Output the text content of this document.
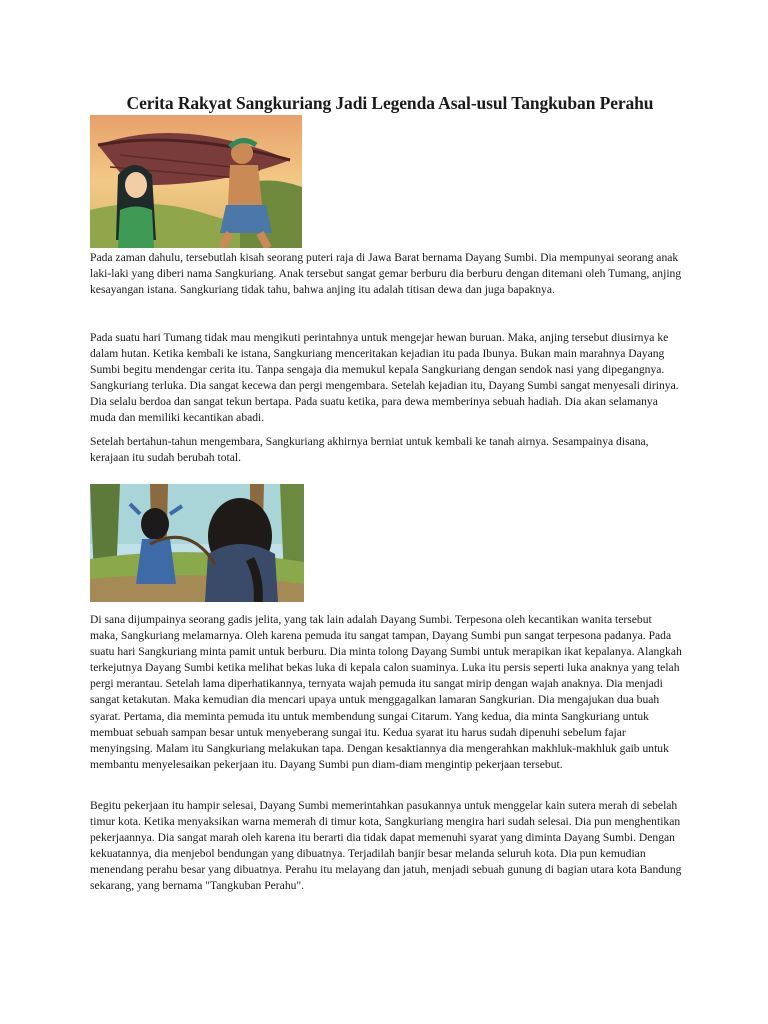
Cerita Rakyat Sangkuriang Jadi Legenda Asal-usul Tangkuban Perahu

Pada zaman dahulu, tersebutlah kisah seorang puteri raja di Jawa Barat bernama Dayang Sumbi. Dia mempunyai seorang anak laki-laki yang diberi nama Sangkuriang. Anak tersebut sangat gemar berburu dia berburu dengan ditemani oleh Tumang, anjing kesayangan istana. Sangkuriang tidak tahu, bahwa anjing itu adalah titisan dewa dan juga bapaknya.

Pada suatu hari Tumang tidak mau mengikuti perintahnya untuk mengejar hewan buruan. Maka, anjing tersebut diusirnya ke dalam hutan. Ketika kembali ke istana, Sangkuriang menceritakan kejadian itu pada Ibunya. Bukan main marahnya Dayang Sumbi begitu mendengar cerita itu. Tanpa sengaja dia memukul kepala Sangkuriang dengan sendok nasi yang dipegangnya. Sangkuriang terluka. Dia sangat kecewa dan pergi mengembara. Setelah kejadian itu, Dayang Sumbi sangat menyesali dirinya. Dia selalu berdoa dan sangat tekun bertapa. Pada suatu ketika, para dewa memberinya sebuah hadiah. Dia akan selamanya muda dan memiliki kecantikan abadi.

Setelah bertahun-tahun mengembara, Sangkuriang akhirnya berniat untuk kembali ke tanah airnya. Sesampainya disana, kerajaan itu sudah berubah total.

Di sana dijumpainya seorang gadis jelita, yang tak lain adalah Dayang Sumbi. Terpesona oleh kecantikan wanita tersebut maka, Sangkuriang melamarnya. Oleh karena pemuda itu sangat tampan, Dayang Sumbi pun sangat terpesona padanya. Pada suatu hari Sangkuriang minta pamit untuk berburu. Dia minta tolong Dayang Sumbi untuk merapikan ikat kepalanya. Alangkah terkejutnya Dayang Sumbi ketika melihat bekas luka di kepala calon suaminya. Luka itu persis seperti luka anaknya yang telah pergi merantau. Setelah lama diperhatikannya, ternyata wajah pemuda itu sangat mirip dengan wajah anaknya. Dia menjadi sangat ketakutan. Maka kemudian dia mencari upaya untuk menggagalkan lamaran Sangkurian. Dia mengajukan dua buah syarat. Pertama, dia meminta pemuda itu untuk membendung sungai Citarum. Yang kedua, dia minta Sangkuriang untuk membuat sebuah sampan besar untuk menyeberang sungai itu. Kedua syarat itu harus sudah dipenuhi sebelum fajar menyingsing. Malam itu Sangkuriang melakukan tapa. Dengan kesaktiannya dia mengerahkan makhluk-makhluk gaib untuk membantu menyelesaikan pekerjaan itu. Dayang Sumbi pun diam-diam mengintip pekerjaan tersebut.

Begitu pekerjaan itu hampir selesai, Dayang Sumbi memerintahkan pasukannya untuk menggelar kain sutera merah di sebelah timur kota. Ketika menyaksikan warna memerah di timur kota, Sangkuriang mengira hari sudah selesai. Dia pun menghentikan pekerjaannya. Dia sangat marah oleh karena itu berarti dia tidak dapat memenuhi syarat yang diminta Dayang Sumbi. Dengan kekuatannya, dia menjebol bendungan yang dibuatnya. Terjadilah banjir besar melanda seluruh kota. Dia pun kemudian menendang perahu besar yang dibuatnya. Perahu itu melayang dan jatuh, menjadi sebuah gunung di bagian utara kota Bandung sekarang, yang bernama "Tangkuban Perahu".
